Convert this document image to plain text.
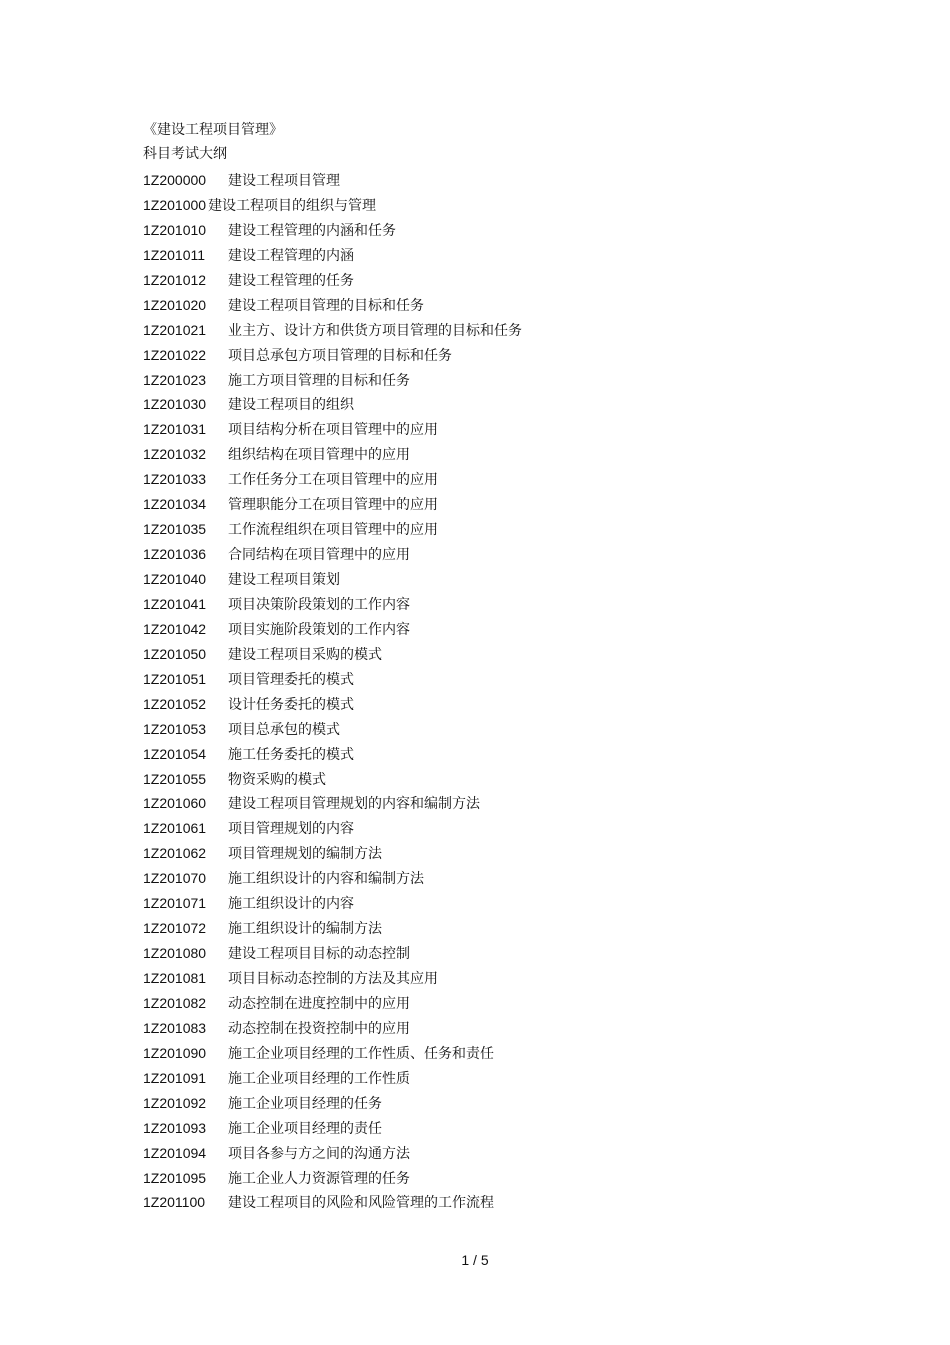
《建设工程项目管理》
科目考试大纲
1Z200000 建设工程项目管理
1Z201000 建设工程项目的组织与管理
1Z201010 建设工程管理的内涵和任务
1Z201011 建设工程管理的内涵
1Z201012 建设工程管理的任务
1Z201020 建设工程项目管理的目标和任务
1Z201021 业主方、设计方和供货方项目管理的目标和任务
1Z201022 项目总承包方项目管理的目标和任务
1Z201023 施工方项目管理的目标和任务
1Z201030 建设工程项目的组织
1Z201031 项目结构分析在项目管理中的应用
1Z201032 组织结构在项目管理中的应用
1Z201033 工作任务分工在项目管理中的应用
1Z201034 管理职能分工在项目管理中的应用
1Z201035 工作流程组织在项目管理中的应用
1Z201036 合同结构在项目管理中的应用
1Z201040 建设工程项目策划
1Z201041 项目决策阶段策划的工作内容
1Z201042 项目实施阶段策划的工作内容
1Z201050 建设工程项目采购的模式
1Z201051 项目管理委托的模式
1Z201052 设计任务委托的模式
1Z201053 项目总承包的模式
1Z201054 施工任务委托的模式
1Z201055 物资采购的模式
1Z201060 建设工程项目管理规划的内容和编制方法
1Z201061 项目管理规划的内容
1Z201062 项目管理规划的编制方法
1Z201070 施工组织设计的内容和编制方法
1Z201071 施工组织设计的内容
1Z201072 施工组织设计的编制方法
1Z201080 建设工程项目目标的动态控制
1Z201081 项目目标动态控制的方法及其应用
1Z201082 动态控制在进度控制中的应用
1Z201083 动态控制在投资控制中的应用
1Z201090 施工企业项目经理的工作性质、任务和责任
1Z201091 施工企业项目经理的工作性质
1Z201092 施工企业项目经理的任务
1Z201093 施工企业项目经理的责任
1Z201094 项目各参与方之间的沟通方法
1Z201095 施工企业人力资源管理的任务
1Z201100 建设工程项目的风险和风险管理的工作流程
1 / 5
